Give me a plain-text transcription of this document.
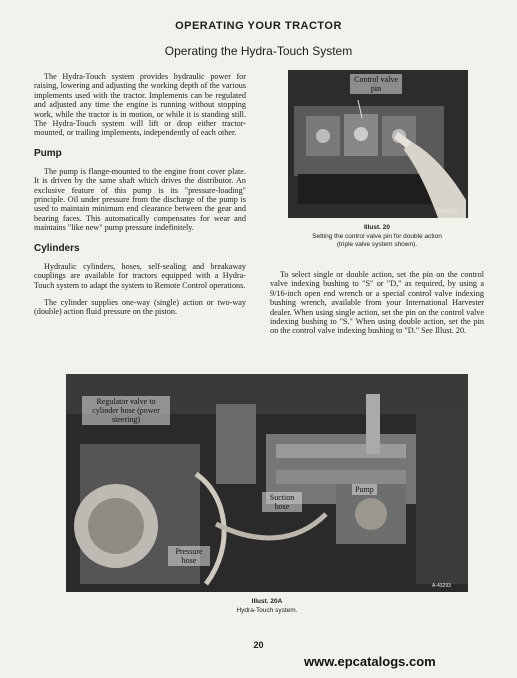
OPERATING YOUR TRACTOR
Operating the Hydra-Touch System

The Hydra-Touch system provides hydraulic power for raising, lowering and adjusting the working depth of the various implements used with the tractor. Implements can be regulated and adjusted any time the engine is running without stopping work, while the tractor is in motion, or while it is standing still. The Hydra-Touch system will lift or drop either tractor-mounted, or trailing implements, independently of each other.

Pump

The pump is flange-mounted to the engine front cover plate. It is driven by the same shaft which drives the distributor. An exclusive feature of this pump is its "pressure-loading" principle. Oil under pressure from the discharge of the pump is used to maintain minimum end clearance between the gear and bearing faces. This automatically compensates for wear and maintains "like new" pump pressure indefinitely.

Cylinders

Hydraulic cylinders, hoses, self-sealing and breakaway couplings are available for tractors equipped with a Hydra-Touch system to adapt the system to Remote Control operations.

The cylinder supplies one-way (single) action or two-way (double) action fluid pressure on the piston.

Control valve pin
A-43292
Illust. 20
Setting the control valve pin for double action
(triple valve system shown).

To select single or double action, set the pin on the control valve indexing bushing to "S" or "D," as required, by using a 9/16-inch open end wrench or a special control valve indexing bushing wrench, available from your International Harvester dealer. When using single action, set the pin on the control valve indexing bushing to "S." When using double action, set the pin on the control valve indexing bushing to "D." See Illust. 20.

Regulator valve to cylinder hose (power steering)
Pump
Suction hose
Pressure hose
A-43293
Illust. 20A
Hydra-Touch system.
20
www.epcatalogs.com
